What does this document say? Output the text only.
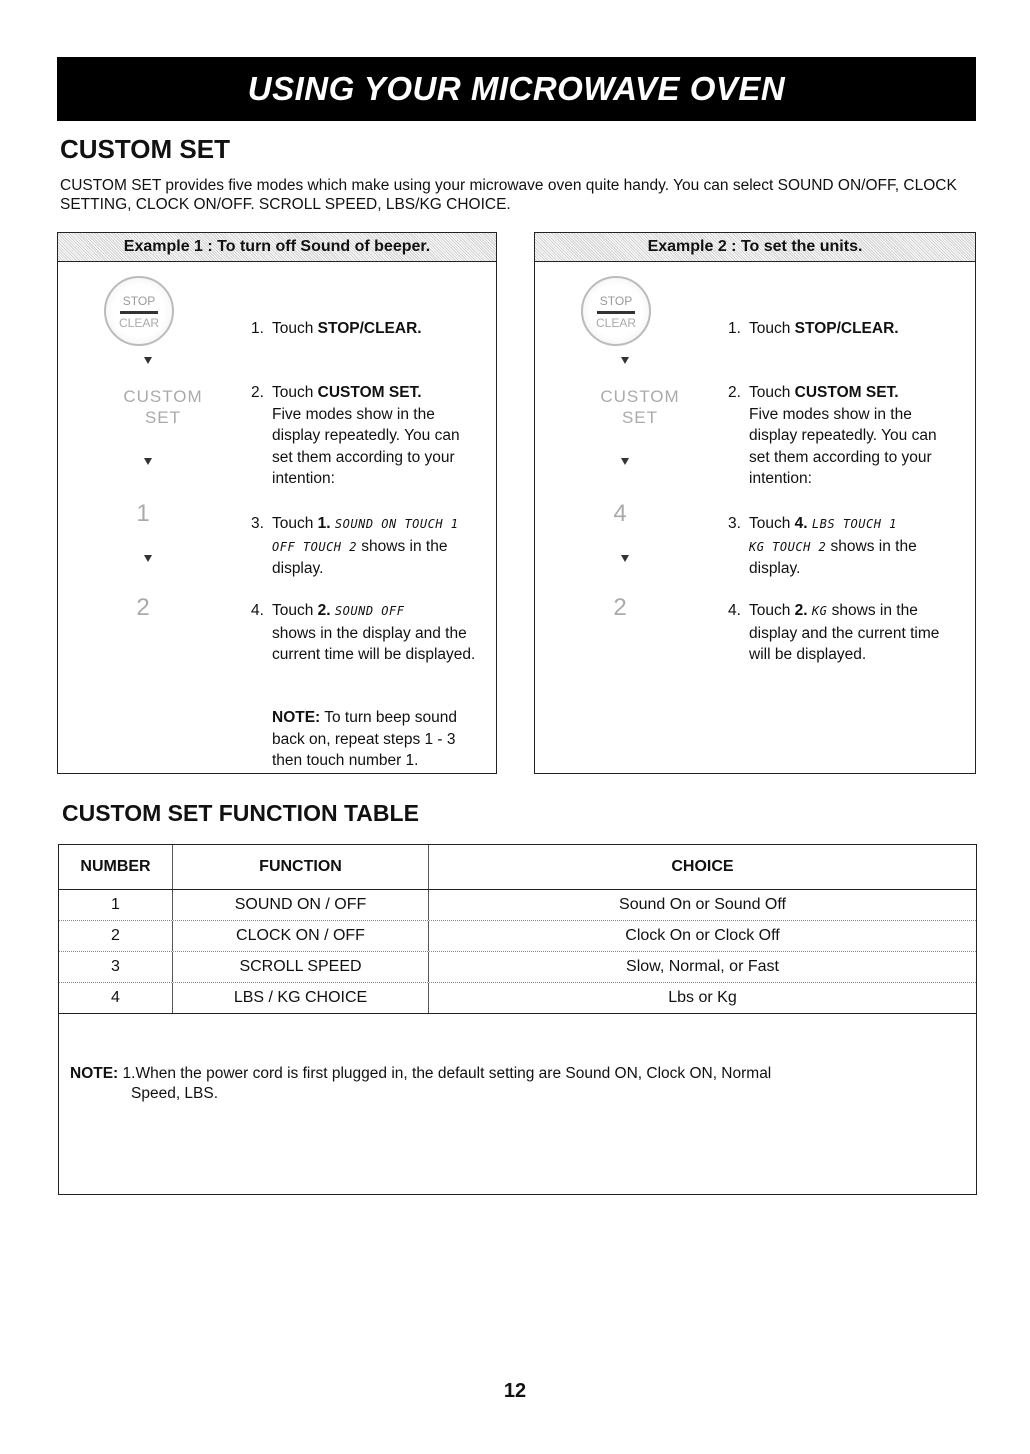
USING YOUR MICROWAVE OVEN
CUSTOM SET
CUSTOM SET provides five modes which make using your microwave oven quite handy. You can select SOUND ON/OFF, CLOCK SETTING, CLOCK ON/OFF. SCROLL SPEED, LBS/KG CHOICE.
Example 1 : To turn off Sound of beeper.
STOP
CLEAR
CUSTOM
SET
1
2
1. Touch STOP/CLEAR.
2. Touch CUSTOM SET.
Five modes show in the display repeatedly. You can set them according to your intention:
3. Touch 1. SOUND ON TOUCH 1
OFF TOUCH 2 shows in the display.
4. Touch 2. SOUND OFF
shows in the display and the current time will be displayed.
NOTE: To turn beep sound back on, repeat steps 1 - 3 then touch number 1.
Example 2 : To set the units.
STOP
CLEAR
CUSTOM
SET
4
2
1. Touch STOP/CLEAR.
2. Touch CUSTOM SET.
Five modes show in the display repeatedly. You can set them according to your intention:
3. Touch 4. LBS TOUCH 1
KG TOUCH 2 shows in the display.
4. Touch 2. KG shows in the display and the current time will be displayed.
CUSTOM SET FUNCTION TABLE
NUMBER	FUNCTION	CHOICE
1	SOUND ON / OFF	Sound On or Sound Off
2	CLOCK ON / OFF	Clock On or Clock Off
3	SCROLL SPEED	Slow, Normal, or Fast
4	LBS / KG CHOICE	Lbs or Kg
NOTE: 1.When the power cord is first plugged in, the default setting are Sound ON, Clock ON, Normal
Speed, LBS.
12
